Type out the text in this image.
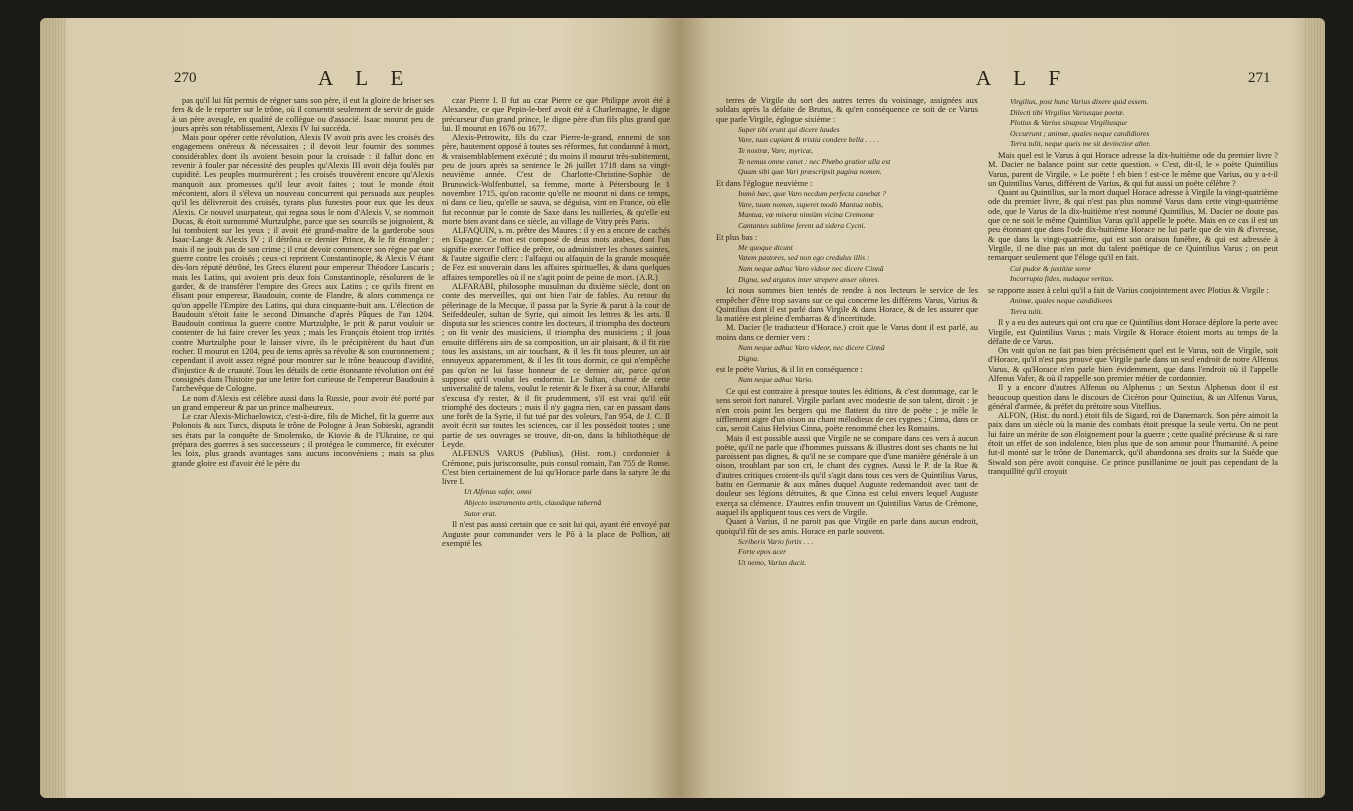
270	A L E

pas qu'il lui fût permis de régner sans son père, il eut la gloire de briser ses fers & de le reporter sur le trône, où il consentit seulement de servir de guide à un père aveugle, en qualité de collègue ou d'associé. Isaac mourut peu de jours après son rétablissement, Alexis IV lui succéda.

Mais pour opérer cette révolution, Alexis IV avoit pris avec les croisés des engagemens onéreux & nécessaires ; il devoit leur fournir des sommes considérables dont ils avoient besoin pour la croisade : il fallut donc en revenir à fouler par nécessité des peuples qu'Alexis III avoit déja foulés par cupidité. Les peuples murmurèrent ; les croisés trouvèrent encore qu'Alexis manquoit aux promesses qu'il leur avoit faites ; tout le monde étoit mécontent, alors il s'éleva un nouveau concurrent qui persuada aux peuples qu'il les délivreroit des croisés, tyrans plus funestes pour eux que les deux Alexis. Ce nouvel usurpateur, qui regna sous le nom d'Alexis V, se nommoit Ducas, & étoit surnommé Murtzulphe, parce que ses sourcils se joignoient, & lui tomboient sur les yeux ; il avoit été grand-maître de la garderobe sous Isaac-Lange & Alexis IV ; il détrôna ce dernier Prince, & le fit étrangler ; mais il ne jouit pas de son crime ; il crut devoir commencer son règne par une guerre contre les croisés ; ceux-ci reprirent Constantinople, & Alexis V étant dès-lors réputé détrôné, les Grecs élurent pour empereur Théodore Lascaris ; mais les Latins, qui avoient pris deux fois Constantinople, résolurent de le garder, & de transférer l'empire des Grecs aux Latins ; ce qu'ils firent en élisant pour empereur, Baudouin, comte de Flandre, & alors commença ce qu'on appelle l'Empire des Latins, qui dura cinquante-huit ans. L'élection de Baudouin s'étoit faite le second Dimanche d'après Pâques de l'an 1204. Baudouin continua la guerre contre Murtzulphe, le prit & parut vouloir se contenter de lui faire crever les yeux ; mais les François étoient trop irrités contre Murtzulphe pour le laisser vivre, ils le précipitèrent du haut d'un rocher. Il mourut en 1204, peu de tems après sa révolte & son couronnement ; cependant il avoit assez régné pour montrer sur le trône beaucoup d'avidité, d'injustice & de cruauté. Tous les détails de cette étonnante révolution ont été consignés dans l'histoire par une lettre fort curieuse de l'empereur Baudouin à l'archevêque de Cologne.

Le nom d'Alexis est célèbre aussi dans la Russie, pour avoir été porté par un grand empereur & par un prince malheureux.

Le czar Alexis-Michaelowicz, c'est-à-dire, fils de Michel, fit la guerre aux Polonois & aux Turcs, disputa le trône de Pologne à Jean Sobieski, agrandit ses états par la conquête de Smolensko, de Kiovie & de l'Ukraine, ce qui prépara des guerres à ses successeurs ; il protégea le commerce, fit exécuter les loix, plus grands avantages sans aucuns inconvéniens ; mais sa plus grande gloire est d'avoir été le père du

czar Pierre I. Il fut au czar Pierre ce que Philippe avoit été à Alexandre, ce que Pepin-le-bref avoit été à Charlemagne, le digne précurseur d'un grand prince, le digne père d'un fils plus grand que lui. Il mourut en 1676 ou 1677.

Alexis-Petrowitz, fils du czar Pierre-le-grand, ennemi de son père, hautement opposé à toutes ses réformes, fut condamné à mort, & vraisemblablement exécuté ; du moins il mourut très-subitement, peu de jours après sa sentence le 26 juillet 1718 dans sa vingt-neuvième année. C'est de Charlotte-Christine-Sophie de Brunswick-Wolfenbuttel, sa femme, morte à Pétersbourg le 1 novembre 1715, qu'on raconte qu'elle ne mourut ni dans ce temps, ni dans ce lieu, qu'elle se sauva, se déguisa, vint en France, où elle fut reconnue par le comte de Saxe dans les tuilleries, & qu'elle est morte bien avant dans ce siècle, au village de Vitry près Paris.

ALFAQUIN, s. m. prêtre des Maures : il y en a encore de cachés en Espagne. Ce mot est composé de deux mots arabes, dont l'un signifie exercer l'office de prêtre, ou administrer les choses saintes, & l'autre signifie clerc : l'alfaqui ou alfaquin de la grande mosquée de Fez est souverain dans les affaires spirituelles, & dans quelques affaires temporelles où il ne s'agit point de peine de mort. (A.R.)

ALFARABI, philosophe musulman du dixième siècle, dont on conte des merveilles, qui ont bien l'air de fables. Au retour du pèlerinage de la Mecque, il passa par la Syrie & parut à la cour de Seifeddeuler, sultan de Syrie, qui aimoit les lettres & les arts. Il disputa sur les sciences contre les docteurs, il triompha des docteurs ; on fit venir des musiciens, il triompha des musiciens ; il joua ensuite différens airs de sa composition, un air plaisant, & il fit rire tous les assistans, un air touchant, & il les fit tous pleurer, un air ennuyeux apparemment, & il les fit tous dormir, ce qui n'empêche pas qu'on ne lui fasse honneur de ce dernier air, parce qu'on suppose qu'il voulut les endormir. Le Sultan, charmé de cette universalité de talens, voulut le retenir & le fixer à sa cour, Alfarabi s'excusa d'y rester, & il fit prudemment, s'il est vrai qu'il eût triomphé des docteurs ; mais il n'y gagna rien, car en passant dans une forêt de la Syrie, il fut tué par des voleurs, l'an 954, de J. C. Il avoit écrit sur toutes les sciences, car il les possédoit toutes ; une partie de ses ouvrages se trouve, dit-on, dans la bibliothèque de Leyde.

ALFENUS VARUS (Publius), (Hist. rom.) cordonnier à Crémone, puis jurisconsulte, puis consul romain, l'an 755 de Rome. C'est bien certainement de lui qu'Horace parle dans la satyre 3e du livre I.

Ut Alfenus vafer, omni

Abjecto instrumento artis, clausâque tabernâ

Sutor erat.

Il n'est pas aussi certain que ce soit lui qui, ayant été envoyé par Auguste pour commander vers le Pô à la place de Pollion, ait exempté les

A L F	271

terres de Virgile du sort des autres terres du voisinage, assignées aux soldats après la défaite de Brutus, & qu'en conséquence ce soit de ce Varus que parle Virgile, églogue sixième :

Super tibi erunt qui dicere laudes

Vare, tuas cupiant & tristia condere bella . . . .

Te nostræ, Vare, myricæ,

Te nemus omne canet : nec Phœbo gratior ulla est

Quam sibi quæ Vari præscripsit pagina nomen.

Et dans l'églogue neuvième :

Immò hæc, quæ Varo necdum perfecta canebat ?

Vare, tuum nomen, superet modò Mantua nobis,

Mantua, væ miseræ nimiùm vicina Cremonæ

Cantantes sublime ferent ad sidera Cycni.

Et plus bas :

Me quoque dicunt

Vatem pastores, sed non ego credulus illis :

Nam neque adhuc Varo videor nec dicere Cinnâ

Digna, sed argutos inter strepere anser olores.

Ici nous sommes bien tentés de rendre à nos lecteurs le service de les empêcher d'être trop savans sur ce qui concerne les différens Varus, Varius & Quintilius dont il est parlé dans Virgile & dans Horace, & de les assurer que la matière est pleine d'embarras & d'incertitude.

M. Dacier (le traducteur d'Horace.) croit que le Varus dont il est parlé, au moins dans ce dernier vers :

Nam neque adhuc Varo videor, nec dicere Cinnâ

Digna.

est le poëte Varius, & il lit en conséquence :

Nam neque adhuc Vario.

Ce qui est contraire à presque toutes les éditions, & c'est dommage, car le sens seroit fort naturel. Virgile parlant avec modestie de son talent, diroit : je n'en crois point les bergers qui me flattent du titre de poëte ; je mêle le sifflement aigre d'un oison au chant mélodieux de ces cygnes ; Cinna, dans ce cas, seroit Caius Helvius Cinna, poëte renommé chez les Romains.

Mais il est possible aussi que Virgile ne se compare dans ces vers à aucun poëte, qu'il ne parle que d'hommes puissans & illustres dont ses chants ne lui paroissent pas dignes, & qu'il ne se compare que d'une manière générale à un oison, troublant par son cri, le chant des cygnes. Aussi le P. de la Rue & d'autres critiques croient-ils qu'il s'agit dans tous ces vers de Quintilius Varus, battu en Germanie & aux mânes duquel Auguste redemandoit avec tant de douleur ses légions détruites, & que Cinna est celui envers lequel Auguste exerça sa clémence. D'autres enfin trouvent un Quintilius Varus de Crémone, auquel ils appliquent tous ces vers de Virgile.

Quant à Varius, il ne paroit pas que Virgile en parle dans aucun endroit, quoiqu'il fût de ses amis. Horace en parle souvent.

Scriberis Vario fortis . . .

Forte epos acer

Ut nemo, Varius ducit.

Virgilius, post hunc Varius dixere quid essem.

Dilecti tibi Virgilius Variusque poetæ.

Plotius & Varius sinapsse Virgiliusque

Occurrunt ; animæ, quales neque candidiores

Terra tulit, neque queis me sit devinctior alter.

Mais quel est le Varus à qui Horace adresse la dix-huitième ode du premier livre ? M. Dacier ne balance point sur cette question. « C'est, dit-il, le » poëte Quintilius Varus, parent de Virgile. » Le poëte ! eh bien ! est-ce le même que Varius, ou y a-t-il un Quintilius Varus, différent de Varius, & qui fut aussi un poëte célèbre ?

Quant au Quintilius, sur la mort duquel Horace adresse à Virgile la vingt-quatrième ode du premier livre, & qui n'est pas plus nommé Varus dans cette vingt-quatrième ode, que le Varus de la dix-huitième n'est nommé Quintilius, M. Dacier ne doute pas que ce ne soit le même Quintilius Varus qu'il appelle le poëte. Mais en ce cas il est un peu étonnant que dans l'ode dix-huitième Horace ne lui parle que de vin & d'ivresse, & que dans la vingt-quatrième, qui est son oraison funèbre, & qui est adressée à Virgile, il ne dise pas un mot du talent poëtique de ce Quintilius Varus ; on peut remarquer seulement que l'éloge qu'il en fait.

Cui pudor & justitiæ soror

Incorrupta fides, nudaque veritas.

se rapporte assez à celui qu'il a fait de Varius conjointement avec Plotius & Virgile :

Animæ, quales neque candidiores

Terra tulit.

Il y a eu des auteurs qui ont cru que ce Quintilius dont Horace déplore la perte avec Virgile, est Quintilius Varus ; mais Virgile & Horace étoient morts au temps de la défaite de ce Varus.

On voit qu'on ne fait pas bien précisément quel est le Varus, soit de Virgile, soit d'Horace, qu'il n'est pas prouvé que Virgile parle dans un seul endroit de notre Alfenus Varus, & qu'Horace n'en parle bien évidemment, que dans l'endroit où il l'appelle Alfenus Vafer, & où il rappelle son premier métier de cordonnier.

Il y a encore d'autres Alfenus ou Alphenus ; un Sextus Alphenus dont il est beaucoup question dans le discours de Cicéron pour Quinctius, & un Alfenus Varus, général d'armée, & préfet du prétoire sous Vitellius.

ALFON, (Hist. du nord.) étoit fils de Sigard, roi de Danemarck. Son père aimoit la paix dans un siècle où la manie des combats étoit presque la seule vertu. On ne peut lui faire un mérite de son éloignement pour la guerre ; cette qualité précieuse & si rare étoit un effet de son indolence, bien plus que de son amour pour l'humanité. A peine fut-il monté sur le trône de Danemarck, qu'il abandonna ses droits sur la Suède que Siwald son père avoit conquise. Ce prince pusillanime ne jouit pas cependant de la tranquillité qu'il croyoit
